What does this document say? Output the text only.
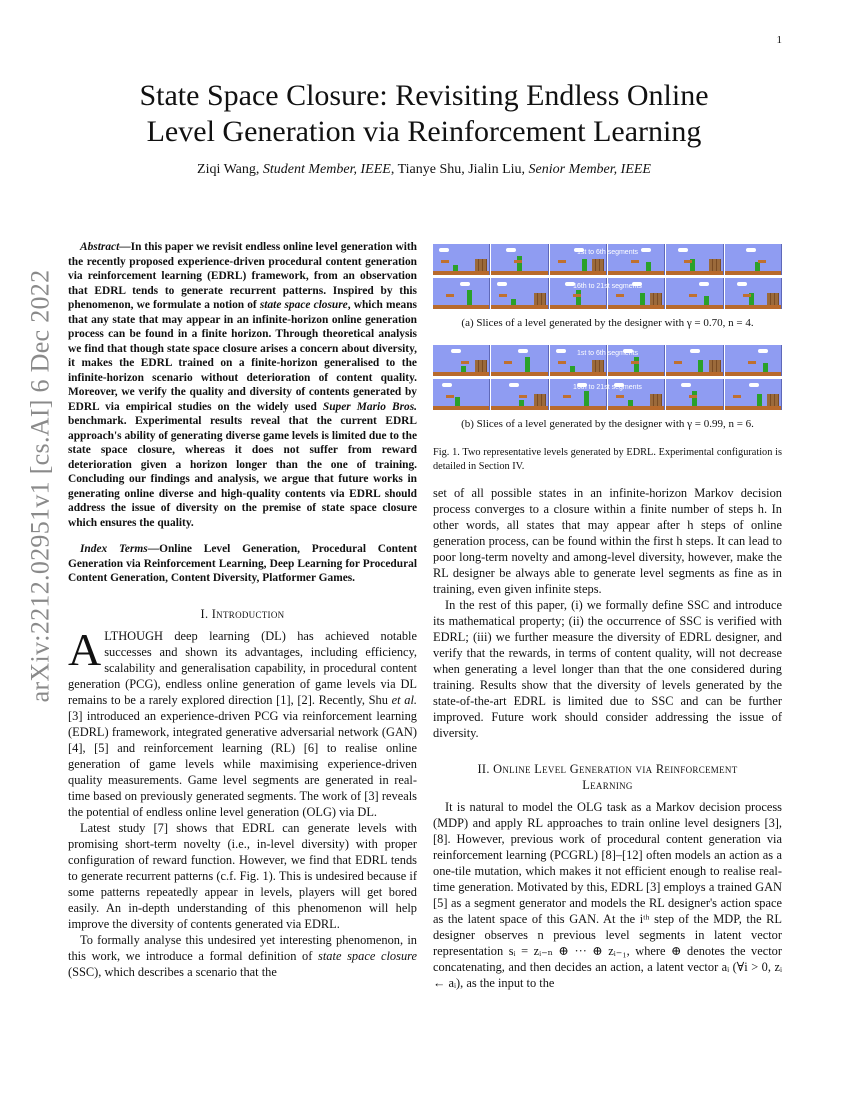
1
arXiv:2212.02951v1 [cs.AI] 6 Dec 2022
State Space Closure: Revisiting Endless Online
Level Generation via Reinforcement Learning
Ziqi Wang, Student Member, IEEE, Tianye Shu, Jialin Liu, Senior Member, IEEE

Abstract—In this paper we revisit endless online level generation with the recently proposed experience-driven procedural content generation via reinforcement learning (EDRL) framework, from an observation that EDRL tends to generate recurrent patterns. Inspired by this phenomenon, we formulate a notion of state space closure, which means that any state that may appear in an infinite-horizon online generation process can be found in a finite horizon. Through theoretical analysis we find that though state space closure arises a concern about diversity, it makes the EDRL trained on a finite-horizon generalised to the infinite-horizon scenario without deterioration of content quality. Moreover, we verify the quality and diversity of contents generated by EDRL via empirical studies on the widely used Super Mario Bros. benchmark. Experimental results reveal that the current EDRL approach's ability of generating diverse game levels is limited due to the state space closure, whereas it does not suffer from reward deterioration given a horizon longer than the one of training. Concluding our findings and analysis, we argue that future works in generating online diverse and high-quality contents via EDRL should address the issue of diversity on the premise of state space closure which ensures the quality.

Index Terms—Online Level Generation, Procedural Content Generation via Reinforcement Learning, Deep Learning for Procedural Content Generation, Content Diversity, Platformer Games.

I. Introduction

ALTHOUGH deep learning (DL) has achieved notable successes and shown its advantages, including efficiency, scalability and generalisation capability, in procedural content generation (PCG), endless online generation of game levels via DL remains to be a rarely explored direction [1], [2]. Recently, Shu et al. [3] introduced an experience-driven PCG via reinforcement learning (EDRL) framework, integrated generative adversarial network (GAN) [4], [5] and reinforcement learning (RL) [6] to realise online generation of game levels while maximising experience-driven quality measurements. Game level segments are generated in real-time based on previously generated segments. The work of [3] reveals the potential of endless online level generation (OLG) via DL.

Latest study [7] shows that EDRL can generate levels with promising short-term novelty (i.e., in-level diversity) with proper configuration of reward function. However, we find that EDRL tends to generate recurrent patterns (c.f. Fig. 1). This is undesired because if some patterns repeatedly appear in levels, players will get bored easily. An in-depth understanding of this phenomenon will help improve the diversity of contents generated via EDRL.

To formally analyse this undesired yet interesting phenomenon, in this work, we introduce a formal definition of state space closure (SSC), which describes a scenario that the

1st to 6th segments
16th to 21st segments
(a) Slices of a level generated by the designer with γ = 0.70, n = 4.
1st to 6th segments
16th to 21st segments
(b) Slices of a level generated by the designer with γ = 0.99, n = 6.

Fig. 1. Two representative levels generated by EDRL. Experimental configuration is detailed in Section IV.

set of all possible states in an infinite-horizon Markov decision process converges to a closure within a finite number of steps h. In other words, all states that may appear after h steps of online generation process, can be found within the first h steps. It can lead to poor long-term novelty and among-level diversity, however, make the RL designer be always able to generate level segments as fine as in training, even given infinite steps.

In the rest of this paper, (i) we formally define SSC and introduce its mathematical property; (ii) the occurrence of SSC is verified with EDRL; (iii) we further measure the diversity of EDRL designer, and verify that the rewards, in terms of content quality, will not decrease when generating a level longer than that the one considered during training. Results show that the diversity of levels generated by the state-of-the-art EDRL is limited due to SSC and can be further improved. Future work should consider addressing the issue of diversity.

II. Online Level Generation via Reinforcement
Learning

It is natural to model the OLG task as a Markov decision process (MDP) and apply RL approaches to train online level designers [3], [8]. However, previous work of procedural content generation via reinforcement learning (PCGRL) [8]–[12] often models an action as a one-tile mutation, which makes it not efficient enough to realise real-time generation. Motivated by this, EDRL [3] employs a trained GAN [5] as a segment generator and models the RL designer's action space as the latent space of this GAN. At the iᵗʰ step of the MDP, the RL designer observes n previous level segments in latent vector representation sᵢ = zᵢ₋ₙ ⊕ ··· ⊕ zᵢ₋₁, where ⊕ denotes the vector concatenating, and then decides an action, a latent vector aᵢ (∀i > 0, zᵢ ← aᵢ), as the input to the
